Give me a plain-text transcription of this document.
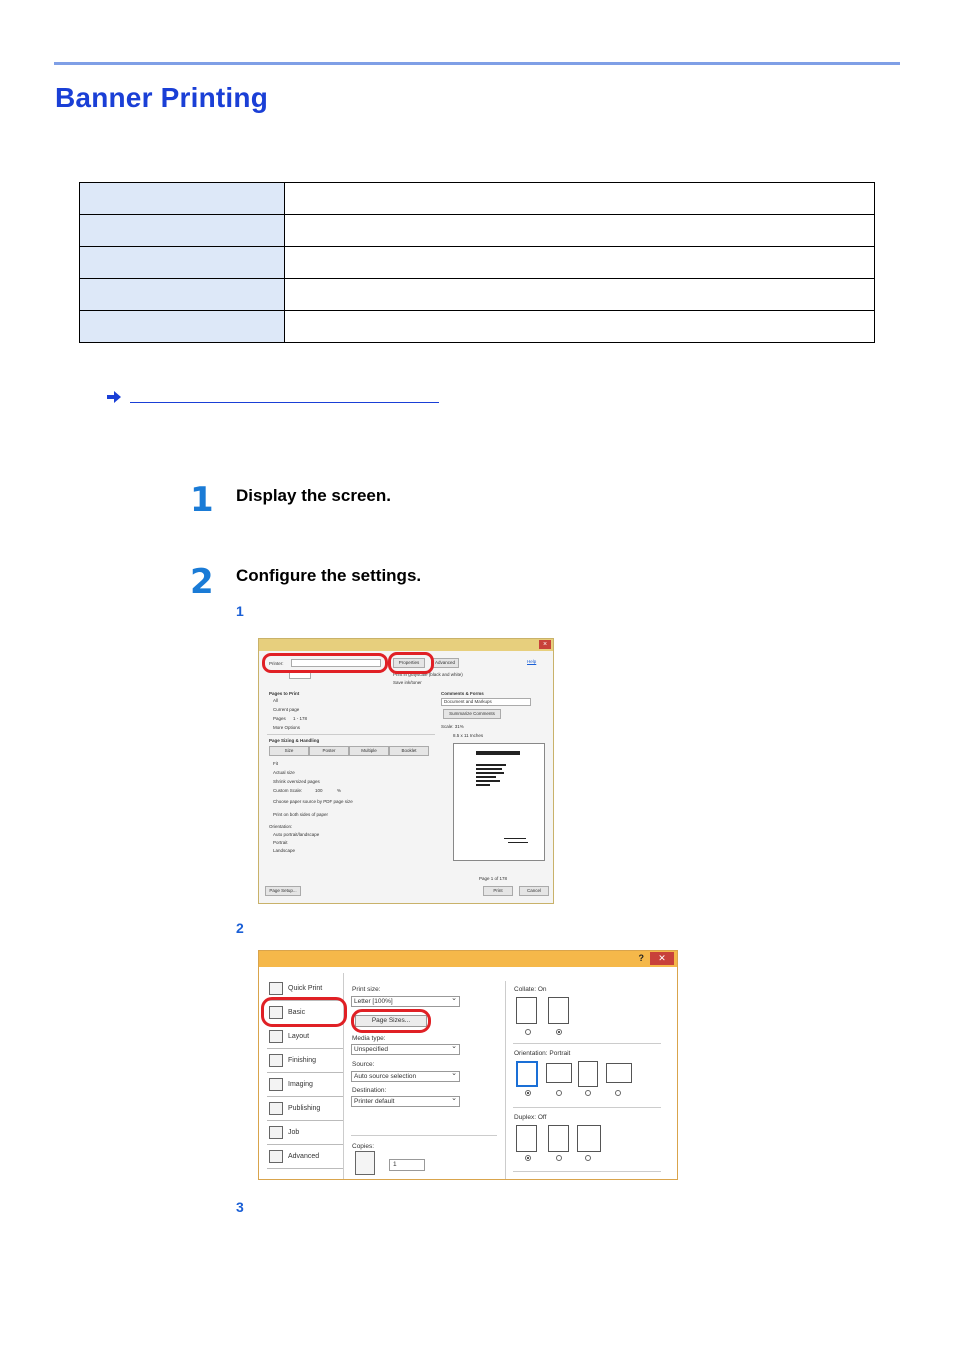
Banner Printing

1 Display the screen.
2 Configure the settings.
1
2
3
×
Printer:	Properties	Advanced	Help
Print in grayscale (black and white)
Save ink/toner
Pages to Print
All
Current page
Pages 1 - 178
More Options
Page Sizing & Handling
Size	Poster	Multiple	Booklet
Fit
Actual size
Shrink oversized pages
Custom Scale:	100	%
Choose paper source by PDF page size
Print on both sides of paper
Orientation:
Auto portrait/landscape
Portrait
Landscape
Comments & Forms
Document and Markups
Summarize Comments
Scale: 31%
8.5 x 11 Inches
Page 1 of 178
Page Setup...	Print	Cancel
?	✕
Quick Print
Basic
Layout
Finishing
Imaging
Publishing
Job
Advanced
Print size:
Letter [100%] ⌄
Page Sizes...
Media type:
Unspecified ⌄
Source:
Auto source selection ⌄
Destination:
Printer default ⌄
Copies:
1
Collate: On
Orientation: Portrait
Duplex: Off
